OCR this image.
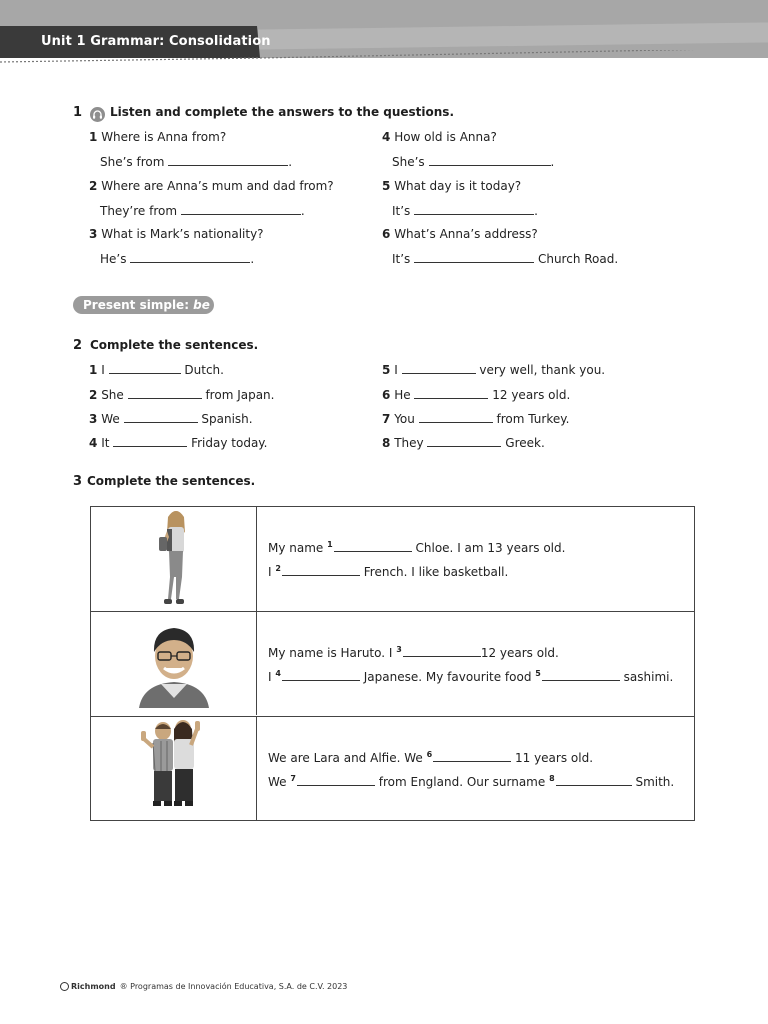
Unit 1 Grammar: Consolidation
1 Listen and complete the answers to the questions.
1 Where is Anna from?
She’s from	.
2 Where are Anna’s mum and dad from?
They’re from	.
3 What is Mark’s nationality?
He’s	.
4 How old is Anna?
She’s	.
5 What day is it today?
It’s	.
6 What’s Anna’s address?
It’s	Church Road.
Present simple: be
2 Complete the sentences.
1 I	Dutch.
2 She	from Japan.
3 We	Spanish.
4 It	Friday today.
5 I	very well, thank you.
6 He	12 years old.
7 You	from Turkey.
8 They	Greek.
3 Complete the sentences.
My name $^1$	Chloe. I am 13 years old.
I $^2$	French. I like basketball.
My name is Haruto. I $^3$	12 years old.
I $^4$	Japanese. My favourite food $^5$	sashimi.
We are Lara and Alfie. We $^6$	11 years old.
We $^7$	from England. Our surname $^8$	Smith.
Richmond ® Programas de Innovación Educativa, S.A. de C.V. 2023
